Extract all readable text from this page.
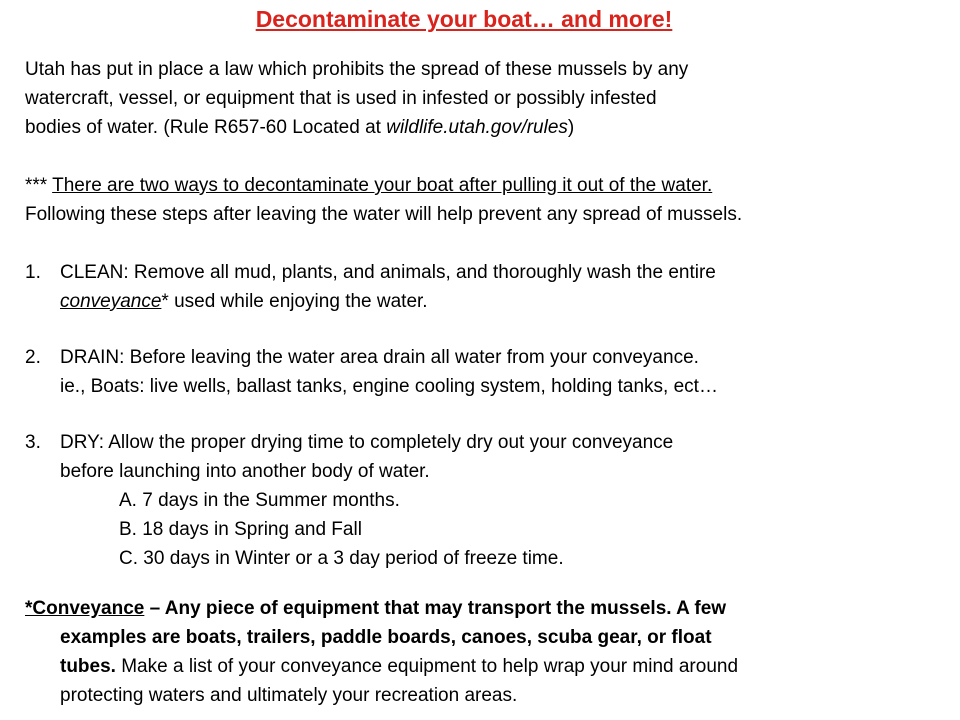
Decontaminate your boat… and more!
Utah has put in place a law which prohibits the spread of these mussels by any
watercraft, vessel, or equipment that is used in infested or possibly infested
bodies of water. (Rule R657-60 Located at wildlife.utah.gov/rules)
*** There are two ways to decontaminate your boat after pulling it out of the water.
Following these steps after leaving the water will help prevent any spread of mussels.
1. CLEAN: Remove all mud, plants, and animals, and thoroughly wash the entire
conveyance* used while enjoying the water.
2. DRAIN: Before leaving the water area drain all water from your conveyance.
ie., Boats: live wells, ballast tanks, engine cooling system, holding tanks, ect…
3. DRY: Allow the proper drying time to completely dry out your conveyance
before launching into another body of water.
A. 7 days in the Summer months.
B. 18 days in Spring and Fall
C. 30 days in Winter or a 3 day period of freeze time.
*Conveyance – Any piece of equipment that may transport the mussels. A few
examples are boats, trailers, paddle boards, canoes, scuba gear, or float
tubes. Make a list of your conveyance equipment to help wrap your mind around
protecting waters and ultimately your recreation areas.
